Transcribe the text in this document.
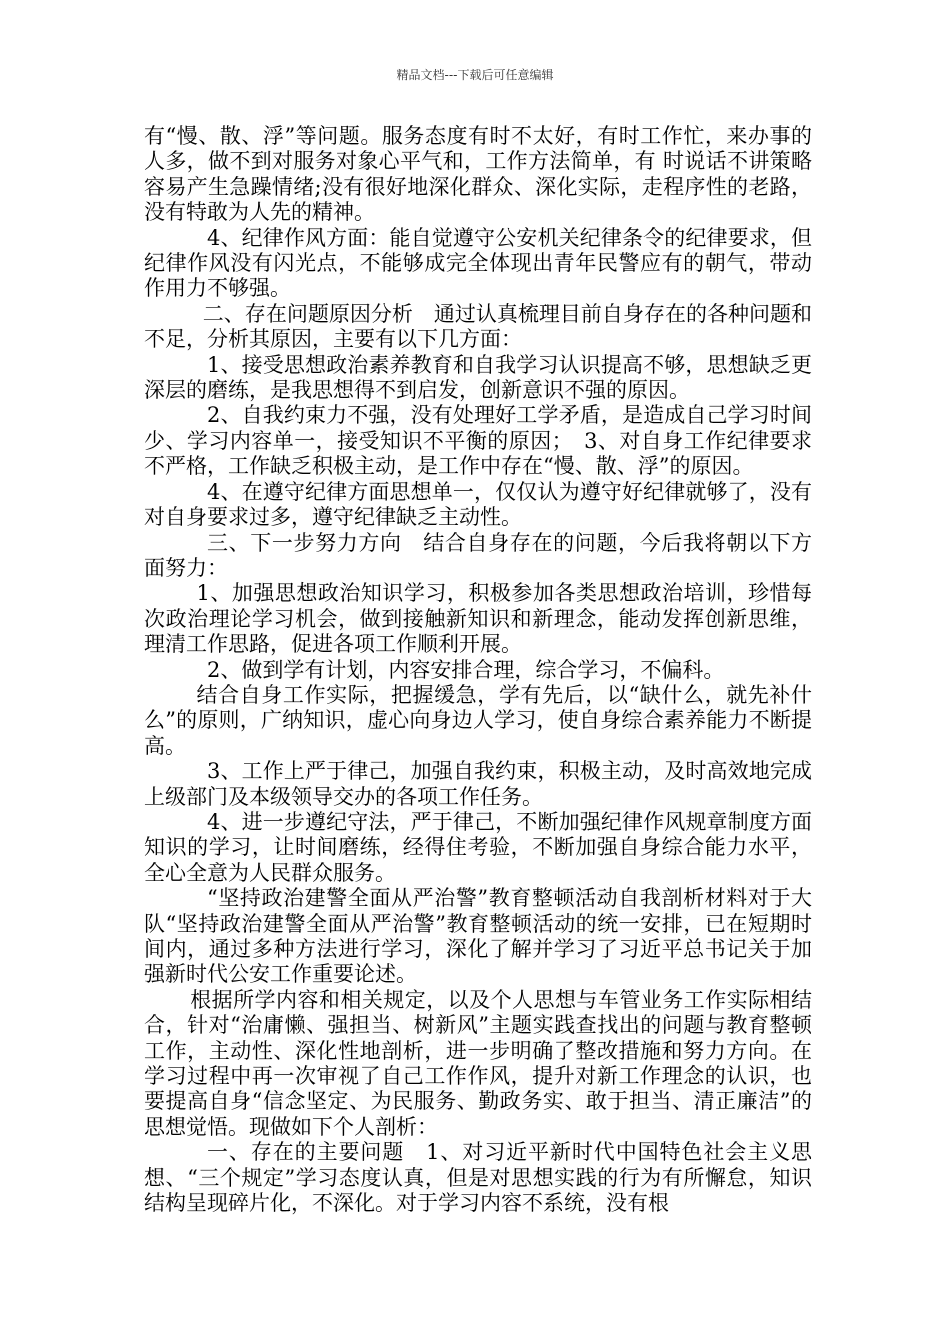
精品文档---下载后可任意编辑

有“慢、散、浮”等问题。服务态度有时不太好，有时工作忙，来办事的人多，做不到对服务对象心平气和，工作方法简单，有 时说话不讲策略容易产生急躁情绪;没有很好地深化群众、深化实际，走程序性的老路，没有特敢为人先的精神。

4、纪律作风方面：能自觉遵守公安机关纪律条令的纪律要求，但纪律作风没有闪光点，不能够成完全体现出青年民警应有的朝气，带动作用力不够强。

二、存在问题原因分析　通过认真梳理目前自身存在的各种问题和不足，分析其原因，主要有以下几方面：

1、接受思想政治素养教育和自我学习认识提高不够，思想缺乏更深层的磨练，是我思想得不到启发，创新意识不强的原因。

2、自我约束力不强，没有处理好工学矛盾，是造成自己学习时间少、学习内容单一，接受知识不平衡的原因；　3、对自身工作纪律要求不严格，工作缺乏积极主动，是工作中存在“慢、散、浮”的原因。

4、在遵守纪律方面思想单一，仅仅认为遵守好纪律就够了，没有对自身要求过多，遵守纪律缺乏主动性。

三、下一步努力方向　结合自身存在的问题，今后我将朝以下方面努力：

1、加强思想政治知识学习，积极参加各类思想政治培训，珍惜每次政治理论学习机会，做到接触新知识和新理念，能动发挥创新思维，理清工作思路，促进各项工作顺利开展。

2、做到学有计划，内容安排合理，综合学习，不偏科。

结合自身工作实际，把握缓急，学有先后，以“缺什么，就先补什么”的原则，广纳知识，虚心向身边人学习，使自身综合素养能力不断提高。

3、工作上严于律己，加强自我约束，积极主动，及时高效地完成上级部门及本级领导交办的各项工作任务。

4、进一步遵纪守法，严于律己，不断加强纪律作风规章制度方面知识的学习，让时间磨练，经得住考验，不断加强自身综合能力水平，全心全意为人民群众服务。

“坚持政治建警全面从严治警”教育整顿活动自我剖析材料对于大队“坚持政治建警全面从严治警”教育整顿活动的统一安排，已在短期时间内，通过多种方法进行学习，深化了解并学习了习近平总书记关于加强新时代公安工作重要论述。

根据所学内容和相关规定，以及个人思想与车管业务工作实际相结合，针对“治庸懒、强担当、树新风”主题实践查找出的问题与教育整顿工作，主动性、深化性地剖析，进一步明确了整改措施和努力方向。在学习过程中再一次审视了自己工作作风，提升对新工作理念的认识，也要提高自身“信念坚定、为民服务、勤政务实、敢于担当、清正廉洁”的思想觉悟。现做如下个人剖析：

一、存在的主要问题　1、对习近平新时代中国特色社会主义思想、“三个规定”学习态度认真，但是对思想实践的行为有所懈怠，知识结构呈现碎片化，不深化。对于学习内容不系统，没有根
